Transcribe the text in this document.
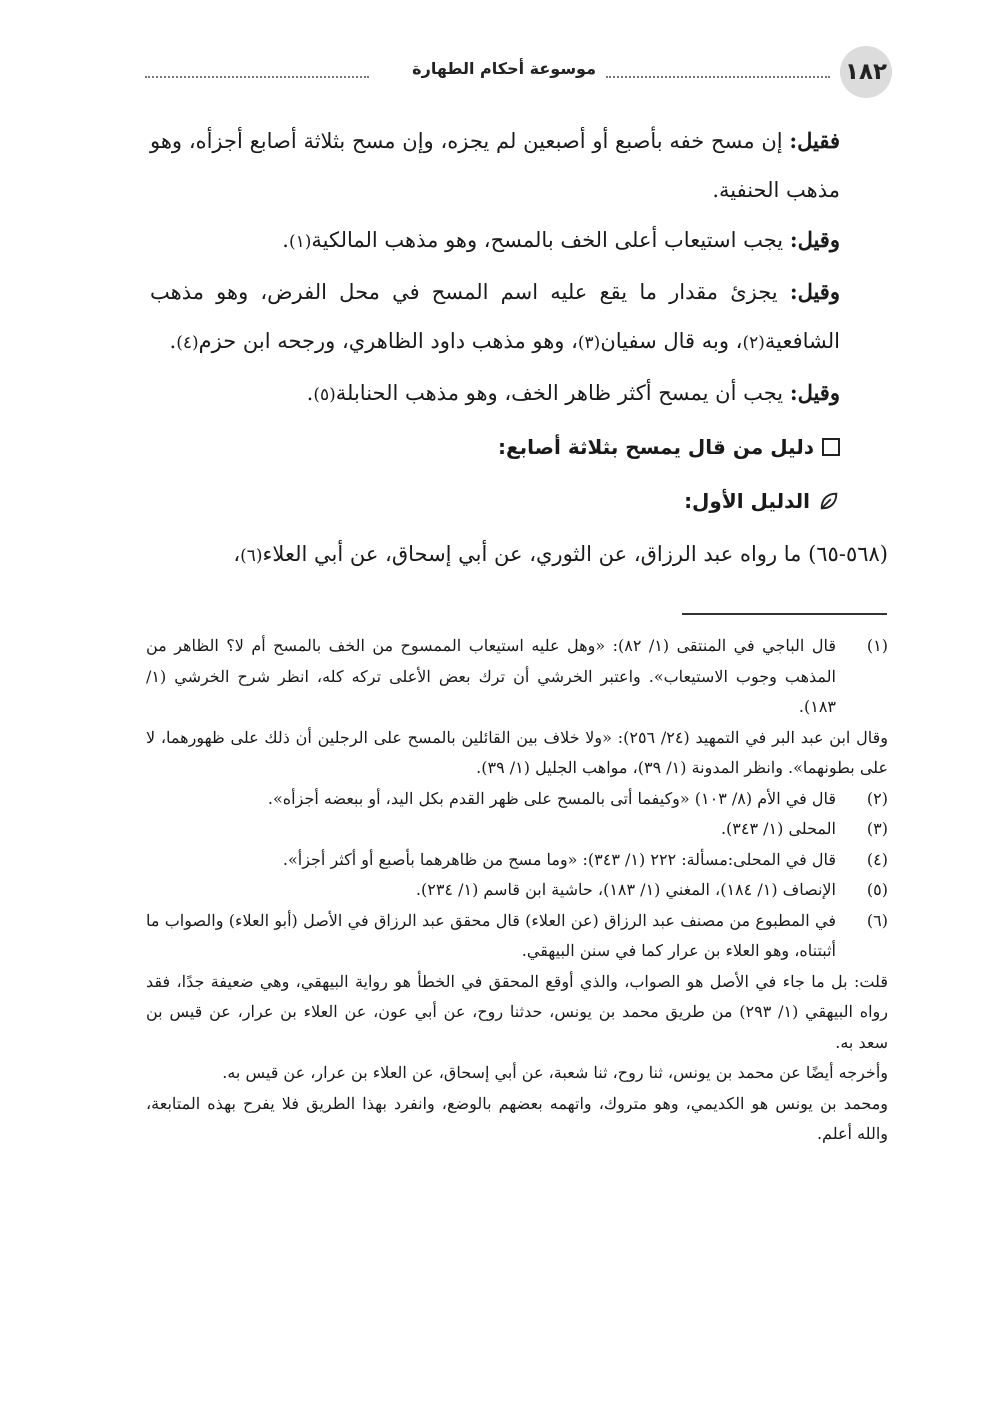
١٨٢
موسوعة أحكام الطهارة

فقيل: إن مسح خفه بأصبع أو أصبعين لم يجزه، وإن مسح بثلاثة أصابع أجزأه، وهو مذهب الحنفية.

وقيل: يجب استيعاب أعلى الخف بالمسح، وهو مذهب المالكية(١).

وقيل: يجزئ مقدار ما يقع عليه اسم المسح في محل الفرض، وهو مذهب الشافعية(٢)، وبه قال سفيان(٣)، وهو مذهب داود الظاهري، ورجحه ابن حزم(٤).

وقيل: يجب أن يمسح أكثر ظاهر الخف، وهو مذهب الحنابلة(٥).

دليل من قال يمسح بثلاثة أصابع:
الدليل الأول:

(٥٦٨-٦٥) ما رواه عبد الرزاق، عن الثوري، عن أبي إسحاق، عن أبي العلاء(٦)،

(١)
قال الباجي في المنتقى (١/ ٨٢): «وهل عليه استيعاب الممسوح من الخف بالمسح أم لا؟ الظاهر من المذهب وجوب الاستيعاب». واعتبر الخرشي أن ترك بعض الأعلى تركه كله، انظر شرح الخرشي (١/ ١٨٣).

وقال ابن عبد البر في التمهيد (٢٤/ ٢٥٦): «ولا خلاف بين القائلين بالمسح على الرجلين أن ذلك على ظهورهما، لا على بطونهما». وانظر المدونة (١/ ٣٩)، مواهب الجليل (١/ ٣٩).

(٢)
قال في الأم (٨/ ١٠٣) «وكيفما أتى بالمسح على ظهر القدم بكل اليد، أو ببعضه أجزأه».
(٣)
المحلى (١/ ٣٤٣).
(٤)
قال في المحلى:مسألة: ٢٢٢ (١/ ٣٤٣): «وما مسح من ظاهرهما بأصبع أو أكثر أجزأ».
(٥)
الإنصاف (١/ ١٨٤)، المغني (١/ ١٨٣)، حاشية ابن قاسم (١/ ٢٣٤).
(٦)
في المطبوع من مصنف عبد الرزاق (عن العلاء) قال محقق عبد الرزاق في الأصل (أبو العلاء) والصواب ما أثبتناه، وهو العلاء بن عرار كما في سنن البيهقي.

قلت: بل ما جاء في الأصل هو الصواب، والذي أوقع المحقق في الخطأ هو رواية البيهقي، وهي ضعيفة جدًا، فقد رواه البيهقي (١/ ٢٩٣) من طريق محمد بن يونس، حدثنا روح، عن أبي عون، عن العلاء بن عرار، عن قيس بن سعد به.

وأخرجه أيضًا عن محمد بن يونس، ثنا روح، ثنا شعبة، عن أبي إسحاق، عن العلاء بن عرار، عن قيس به.

ومحمد بن يونس هو الكديمي، وهو متروك، واتهمه بعضهم بالوضع، وانفرد بهذا الطريق فلا يفرح بهذه المتابعة، والله أعلم.
